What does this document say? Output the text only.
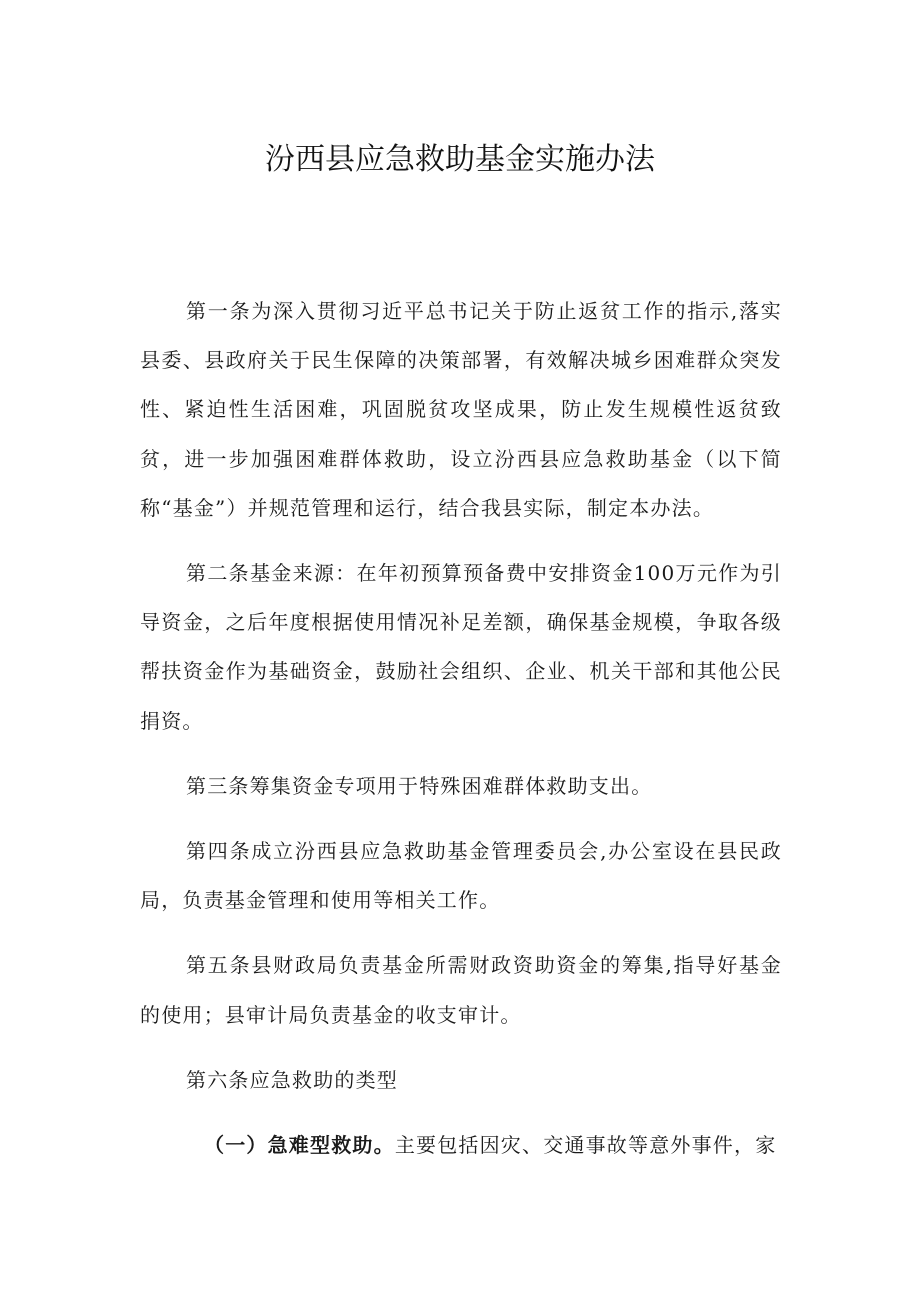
汾西县应急救助基金实施办法

第一条为深入贯彻习近平总书记关于防止返贫工作的指示,落实县委、县政府关于民生保障的决策部署，有效解决城乡困难群众突发性、紧迫性生活困难，巩固脱贫攻坚成果，防止发生规模性返贫致贫，进一步加强困难群体救助，设立汾西县应急救助基金（以下简称“基金”）并规范管理和运行，结合我县实际，制定本办法。

第二条基金来源：在年初预算预备费中安排资金100万元作为引导资金，之后年度根据使用情况补足差额，确保基金规模，争取各级帮扶资金作为基础资金，鼓励社会组织、企业、机关干部和其他公民捐资。

第三条筹集资金专项用于特殊困难群体救助支出。

第四条成立汾西县应急救助基金管理委员会,办公室设在县民政局，负责基金管理和使用等相关工作。

第五条县财政局负责基金所需财政资助资金的筹集,指导好基金的使用；县审计局负责基金的收支审计。

第六条应急救助的类型

（一）急难型救助。主要包括因灾、交通事故等意外事件，家
